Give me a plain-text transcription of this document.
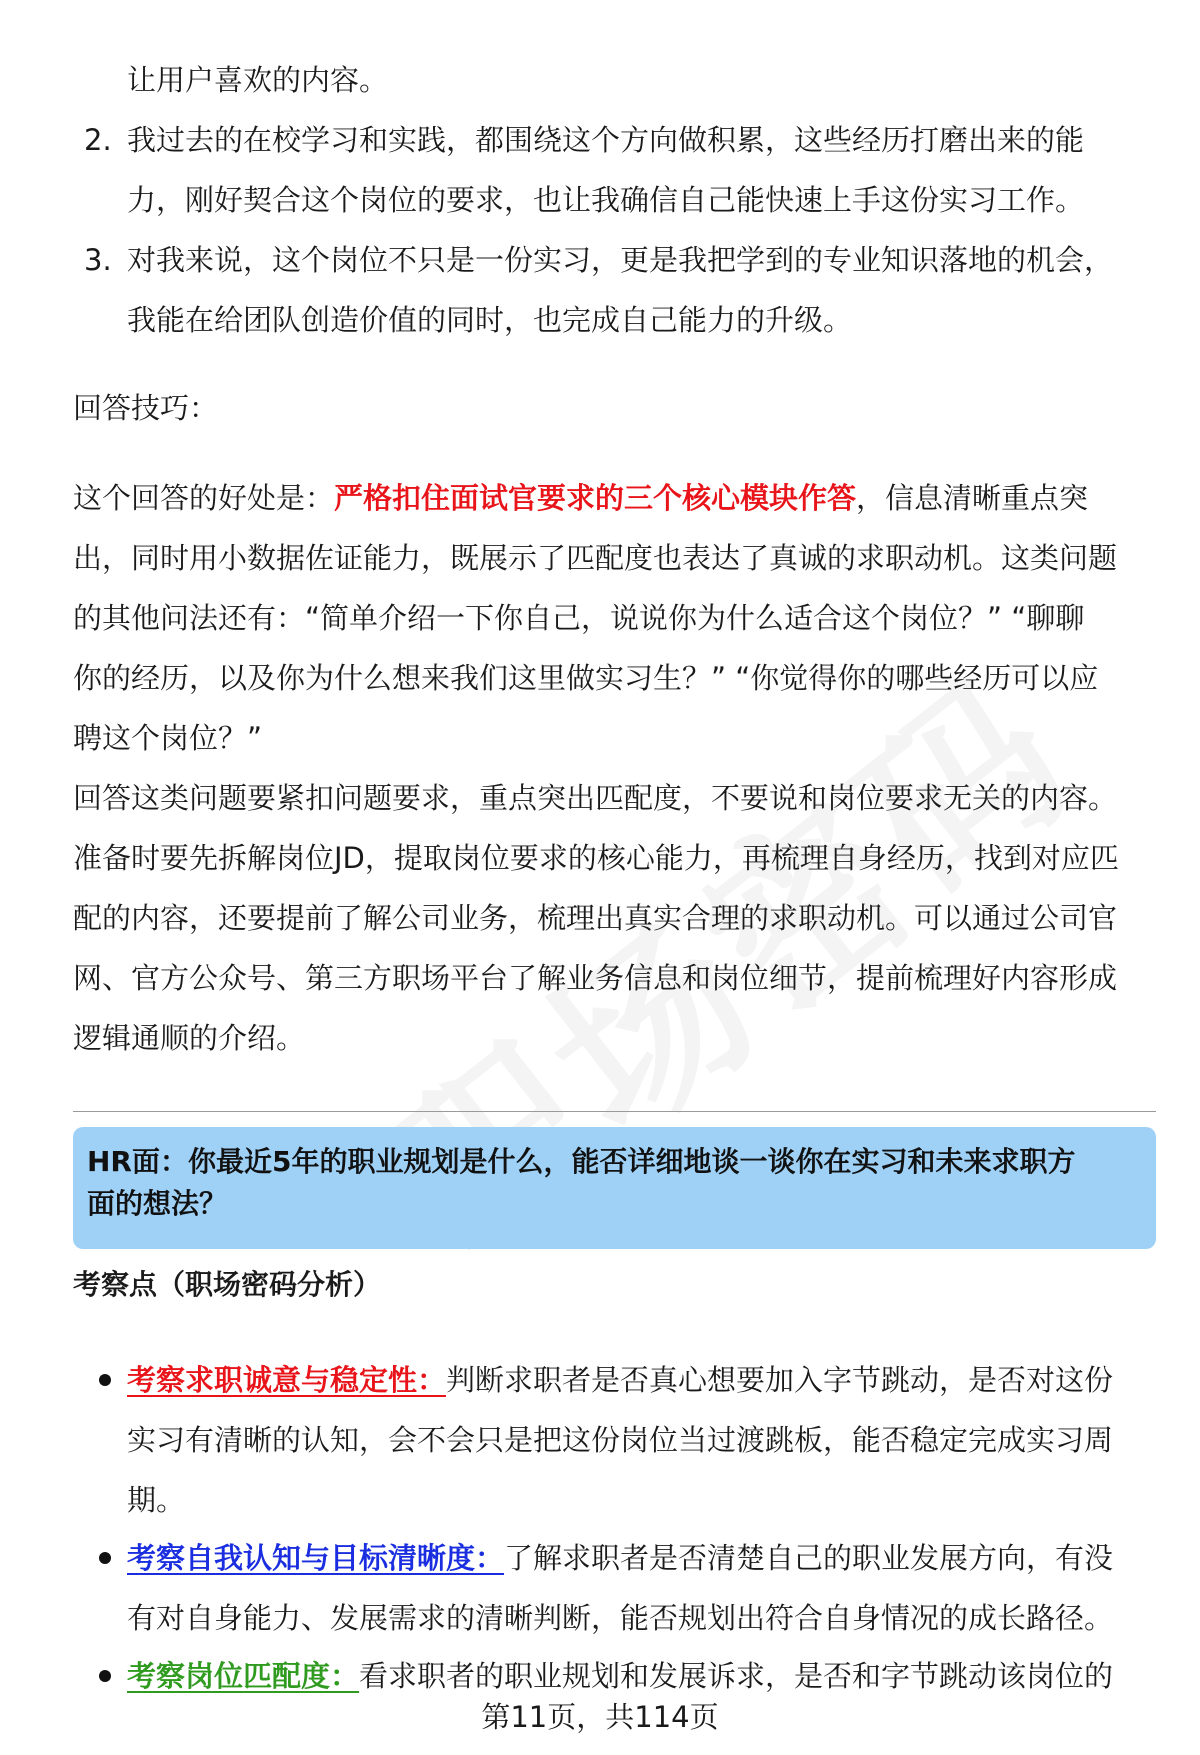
让用户喜欢的内容。
2. 我过去的在校学习和实践，都围绕这个方向做积累，这些经历打磨出来的能
力，刚好契合这个岗位的要求，也让我确信自己能快速上手这份实习工作。
3. 对我来说，这个岗位不只是一份实习，更是我把学到的专业知识落地的机会，
我能在给团队创造价值的同时，也完成自己能力的升级。
回答技巧：
这个回答的好处是：严格扣住面试官要求的三个核心模块作答，信息清晰重点突
出，同时用小数据佐证能力，既展示了匹配度也表达了真诚的求职动机。这类问题
的其他问法还有：“简单介绍一下你自己，说说你为什么适合这个岗位？” “聊聊
你的经历，以及你为什么想来我们这里做实习生？” “你觉得你的哪些经历可以应
聘这个岗位？”
回答这类问题要紧扣问题要求，重点突出匹配度，不要说和岗位要求无关的内容。
准备时要先拆解岗位JD，提取岗位要求的核心能力，再梳理自身经历，找到对应匹
配的内容，还要提前了解公司业务，梳理出真实合理的求职动机。可以通过公司官
网、官方公众号、第三方职场平台了解业务信息和岗位细节，提前梳理好内容形成
逻辑通顺的介绍。
HR面：你最近5年的职业规划是什么，能否详细地谈一谈你在实习和未来求职方
面的想法？
考察点（职场密码分析）
考察求职诚意与稳定性：判断求职者是否真心想要加入字节跳动，是否对这份
实习有清晰的认知，会不会只是把这份岗位当过渡跳板，能否稳定完成实习周
期。
考察自我认知与目标清晰度：了解求职者是否清楚自己的职业发展方向，有没
有对自身能力、发展需求的清晰判断，能否规划出符合自身情况的成长路径。
考察岗位匹配度：看求职者的职业规划和发展诉求，是否和字节跳动该岗位的
第11页，共114页
